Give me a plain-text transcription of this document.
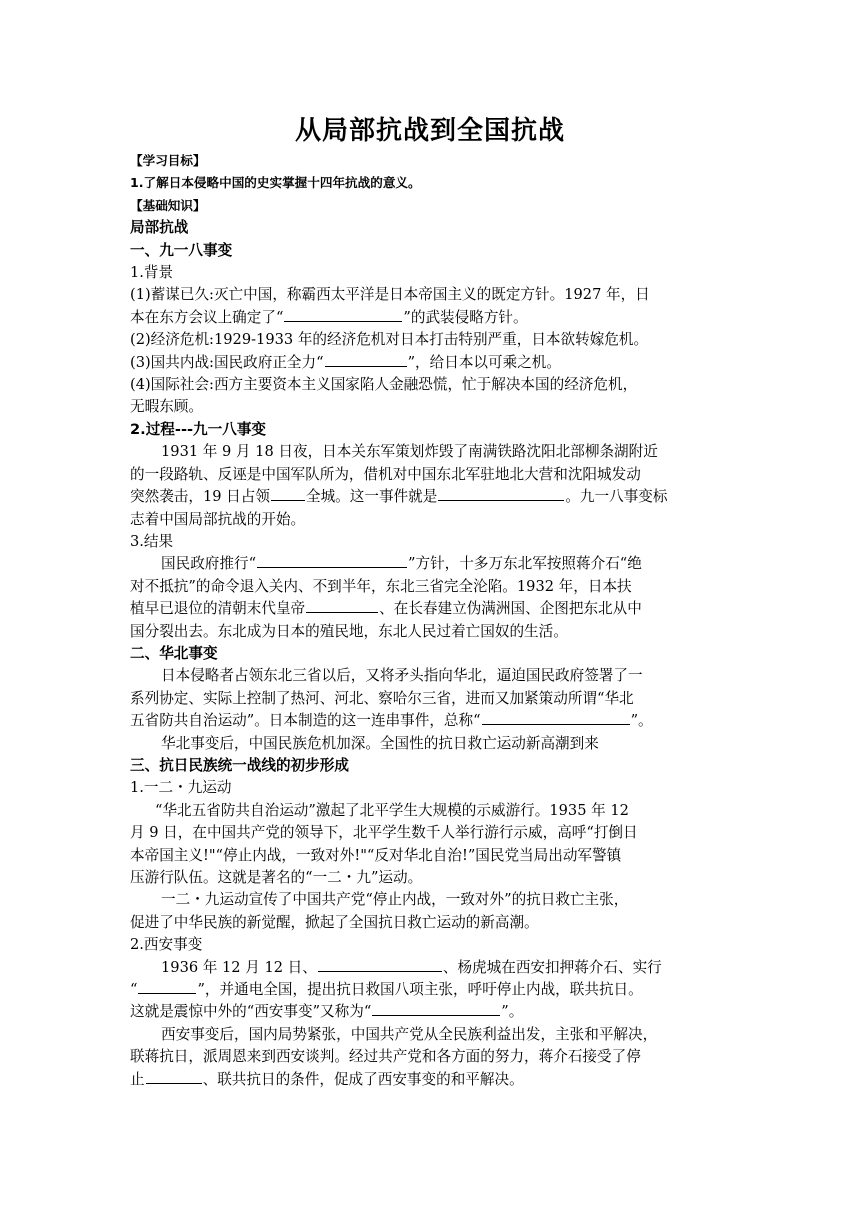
从局部抗战到全国抗战
【学习目标】
1.了解日本侵略中国的史实掌握十四年抗战的意义。
【基础知识】
局部抗战
一、九一八事变
1.背景
(1)蓄谋已久:灭亡中国，称霸西太平洋是日本帝国主义的既定方针。1927 年，日
本在东方会议上确定了“	”的武装侵略方针。
(2)经济危机:1929-1933 年的经济危机对日本打击特别严重，日本欲转嫁危机。
(3)国共内战:国民政府正全力“	”，给日本以可乘之机。
(4)国际社会:西方主要资本主义国家陷人金融恐慌，忙于解决本国的经济危机，
无暇东顾。
2.过程---九一八事变
1931 年 9 月 18 日夜，日本关东军策划炸毁了南满铁路沈阳北部柳条湖附近
的一段路轨、反诬是中国军队所为，借机对中国东北军驻地北大营和沈阳城发动
突然袭击，19 日占领 全城。这一事件就是	。九一八事变标
志着中国局部抗战的开始。
3.结果
国民政府推行“	”方针，十多万东北军按照蒋介石“绝
对不抵抗”的命令退入关内、不到半年，东北三省完全沦陷。1932 年，日本扶
植早已退位的清朝末代皇帝	、在长春建立伪满洲国、企图把东北从中
国分裂出去。东北成为日本的殖民地，东北人民过着亡国奴的生活。
二、华北事变
日本侵略者占领东北三省以后，又将矛头指向华北，逼迫国民政府签署了一
系列协定、实际上控制了热河、河北、察哈尔三省，进而又加紧策动所谓“华北
五省防共自治运动”。日本制造的这一连串事件，总称“	”。
华北事变后，中国民族危机加深。全国性的抗日救亡运动新高潮到来
三、抗日民族统一战线的初步形成
1.一二・九运动
“华北五省防共自治运动”激起了北平学生大规模的示威游行。1935 年 12
月 9 日，在中国共产党的领导下，北平学生数千人举行游行示威，高呼“打倒日
本帝国主义!"“停止内战，一致对外!"“反对华北自治!”国民党当局出动军警镇
压游行队伍。这就是著名的“一二・九”运动。
一二・九运动宣传了中国共产党“停止内战，一致对外”的抗日救亡主张，
促进了中华民族的新觉醒，掀起了全国抗日救亡运动的新高潮。
2.西安事变
1936 年 12 月 12 日、	、杨虎城在西安扣押蒋介石、实行
“	”，并通电全国，提出抗日救国八项主张，呼吁停止内战，联共抗日。
这就是震惊中外的“西安事变”又称为“	”。
西安事变后，国内局势紧张，中国共产党从全民族利益出发，主张和平解决，
联蒋抗日，派周恩来到西安谈判。经过共产党和各方面的努力，蒋介石接受了停
止	、联共抗日的条件，促成了西安事变的和平解决。
